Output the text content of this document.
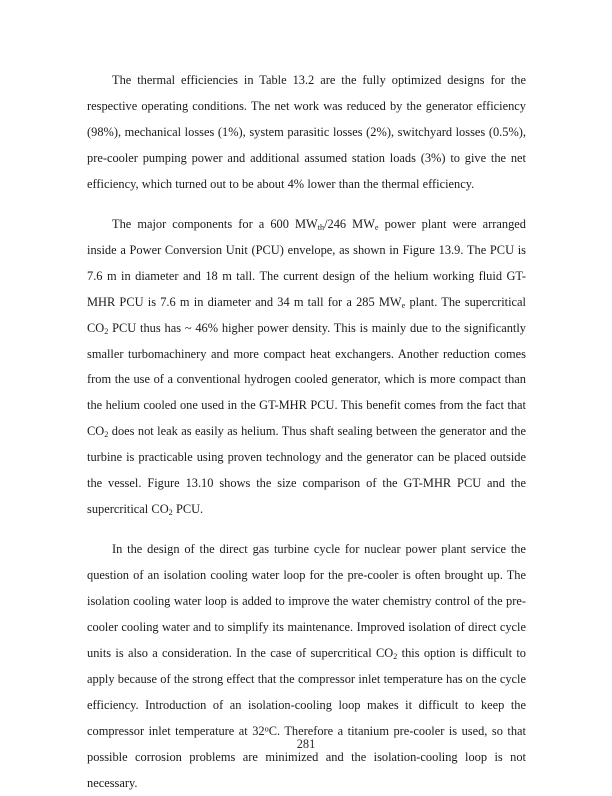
The thermal efficiencies in Table 13.2 are the fully optimized designs for the respective operating conditions. The net work was reduced by the generator efficiency (98%), mechanical losses (1%), system parasitic losses (2%), switchyard losses (0.5%), pre-cooler pumping power and additional assumed station loads (3%) to give the net efficiency, which turned out to be about 4% lower than the thermal efficiency.

The major components for a 600 $MW_{th}/246$ $MW_e$ power plant were arranged inside a Power Conversion Unit (PCU) envelope, as shown in Figure 13.9. The PCU is 7.6 m in diameter and 18 m tall. The current design of the helium working fluid GT-MHR PCU is 7.6 m in diameter and 34 m tall for a 285 $MW_e$ plant. The supercritical $CO_2$ PCU thus has ~ 46% higher power density. This is mainly due to the significantly smaller turbomachinery and more compact heat exchangers. Another reduction comes from the use of a conventional hydrogen cooled generator, which is more compact than the helium cooled one used in the GT-MHR PCU. This benefit comes from the fact that $CO_2$ does not leak as easily as helium. Thus shaft sealing between the generator and the turbine is practicable using proven technology and the generator can be placed outside the vessel. Figure 13.10 shows the size comparison of the GT-MHR PCU and the supercritical $CO_2$ PCU.

In the design of the direct gas turbine cycle for nuclear power plant service the question of an isolation cooling water loop for the pre-cooler is often brought up. The isolation cooling water loop is added to improve the water chemistry control of the pre-cooler cooling water and to simplify its maintenance. Improved isolation of direct cycle units is also a consideration. In the case of supercritical $CO_2$ this option is difficult to apply because of the strong effect that the compressor inlet temperature has on the cycle efficiency. Introduction of an isolation-cooling loop makes it difficult to keep the compressor inlet temperature at 32$^o$C. Therefore a titanium pre-cooler is used, so that possible corrosion problems are minimized and the isolation-cooling loop is not necessary.

281
